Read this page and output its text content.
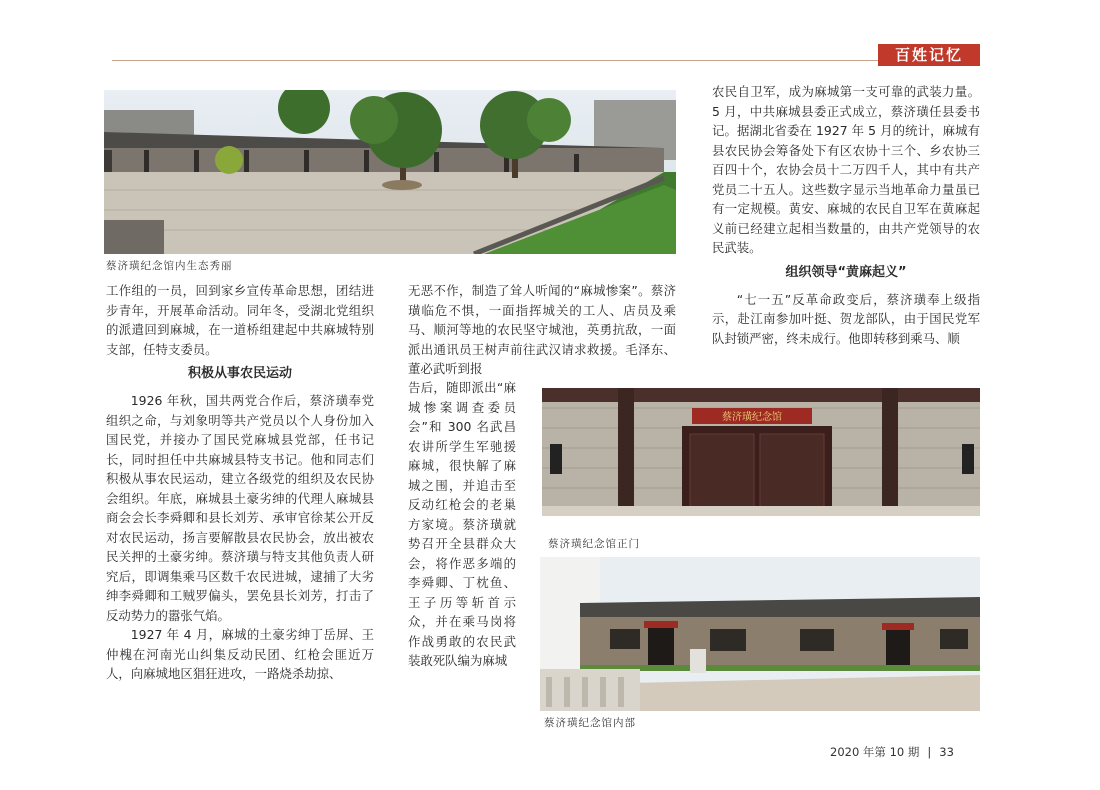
百姓记忆
蔡济璜纪念馆内生态秀丽

工作组的一员，回到家乡宣传革命思想，团结进步青年，开展革命活动。同年冬，受湖北党组织的派遣回到麻城，在一道桥组建起中共麻城特别支部，任特支委员。

积极从事农民运动

1926 年秋，国共两党合作后，蔡济璜奉党组织之命，与刘象明等共产党员以个人身份加入国民党，并接办了国民党麻城县党部，任书记长，同时担任中共麻城县特支书记。他和同志们积极从事农民运动，建立各级党的组织及农民协会组织。年底，麻城县土豪劣绅的代理人麻城县商会会长李舜卿和县长刘芳、承审官徐某公开反对农民运动，扬言要解散县农民协会，放出被农民关押的土豪劣绅。蔡济璜与特支其他负责人研究后，即调集乘马区数千农民进城，逮捕了大劣绅李舜卿和工贼罗偏头，罢免县长刘芳，打击了反动势力的嚣张气焰。

1927 年 4 月，麻城的土豪劣绅丁岳屏、王仲槐在河南光山纠集反动民团、红枪会匪近万人，向麻城地区猖狂进攻，一路烧杀劫掠、

无恶不作，制造了耸人听闻的“麻城惨案”。蔡济璜临危不惧，一面指挥城关的工人、店员及乘马、顺河等地的农民坚守城池，英勇抗敌，一面派出通讯员王树声前往武汉请求救援。毛泽东、董必武听到报

告后，随即派出“麻城惨案调查委员会”和 300 名武昌农讲所学生军驰援麻城，很快解了麻城之围，并追击至反动红枪会的老巢方家境。蔡济璜就势召开全县群众大会，将作恶多端的李舜卿、丁枕鱼、王子历等斩首示众，并在乘马岗将作战勇敢的农民武装敢死队编为麻城

农民自卫军，成为麻城第一支可靠的武装力量。5 月，中共麻城县委正式成立，蔡济璜任县委书记。据湖北省委在 1927 年 5 月的统计，麻城有县农民协会筹备处下有区农协十三个、乡农协三百四十个，农协会员十二万四千人，其中有共产党员二十五人。这些数字显示当地革命力量虽已有一定规模。黄安、麻城的农民自卫军在黄麻起义前已经建立起相当数量的，由共产党领导的农民武装。

组织领导“黄麻起义”

“七一五”反革命政变后，蔡济璜奉上级指示，赴江南参加叶挺、贺龙部队，由于国民党军队封锁严密，终未成行。他即转移到乘马、顺

蔡济璜纪念馆
蔡济璜纪念馆正门
蔡济璜纪念馆内部
2020 年第 10 期 | 33
